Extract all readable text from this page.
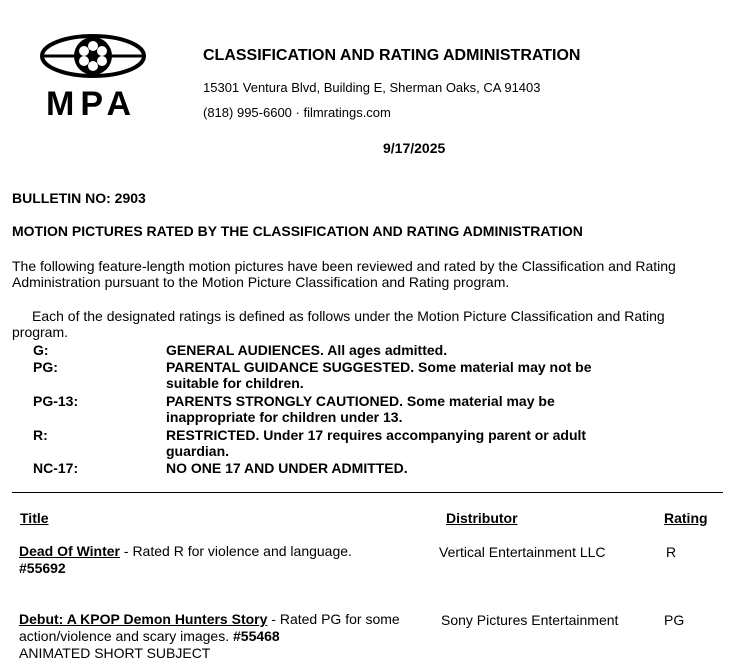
MPA
CLASSIFICATION AND RATING ADMINISTRATION
15301 Ventura Blvd, Building E, Sherman Oaks, CA 91403
(818) 995-6600 · filmratings.com
9/17/2025
BULLETIN NO: 2903
MOTION PICTURES RATED BY THE CLASSIFICATION AND RATING ADMINISTRATION
The following feature-length motion pictures have been reviewed and rated by the Classification and Rating Administration pursuant to the Motion Picture Classification and Rating program.
Each of the designated ratings is defined as follows under the Motion Picture Classification and Rating program.
G:	GENERAL AUDIENCES. All ages admitted.
PG:	PARENTAL GUIDANCE SUGGESTED. Some material may not be suitable for children.
PG-13:	PARENTS STRONGLY CAUTIONED. Some material may be inappropriate for children under 13.
R:	RESTRICTED. Under 17 requires accompanying parent or adult guardian.
NC-17:	NO ONE 17 AND UNDER ADMITTED.
Title	Distributor	Rating
Dead Of Winter - Rated R for violence and language.
#55692
Vertical Entertainment LLC	R
Debut: A KPOP Demon Hunters Story - Rated PG for some action/violence and scary images. #55468
ANIMATED SHORT SUBJECT
Sony Pictures Entertainment	PG
